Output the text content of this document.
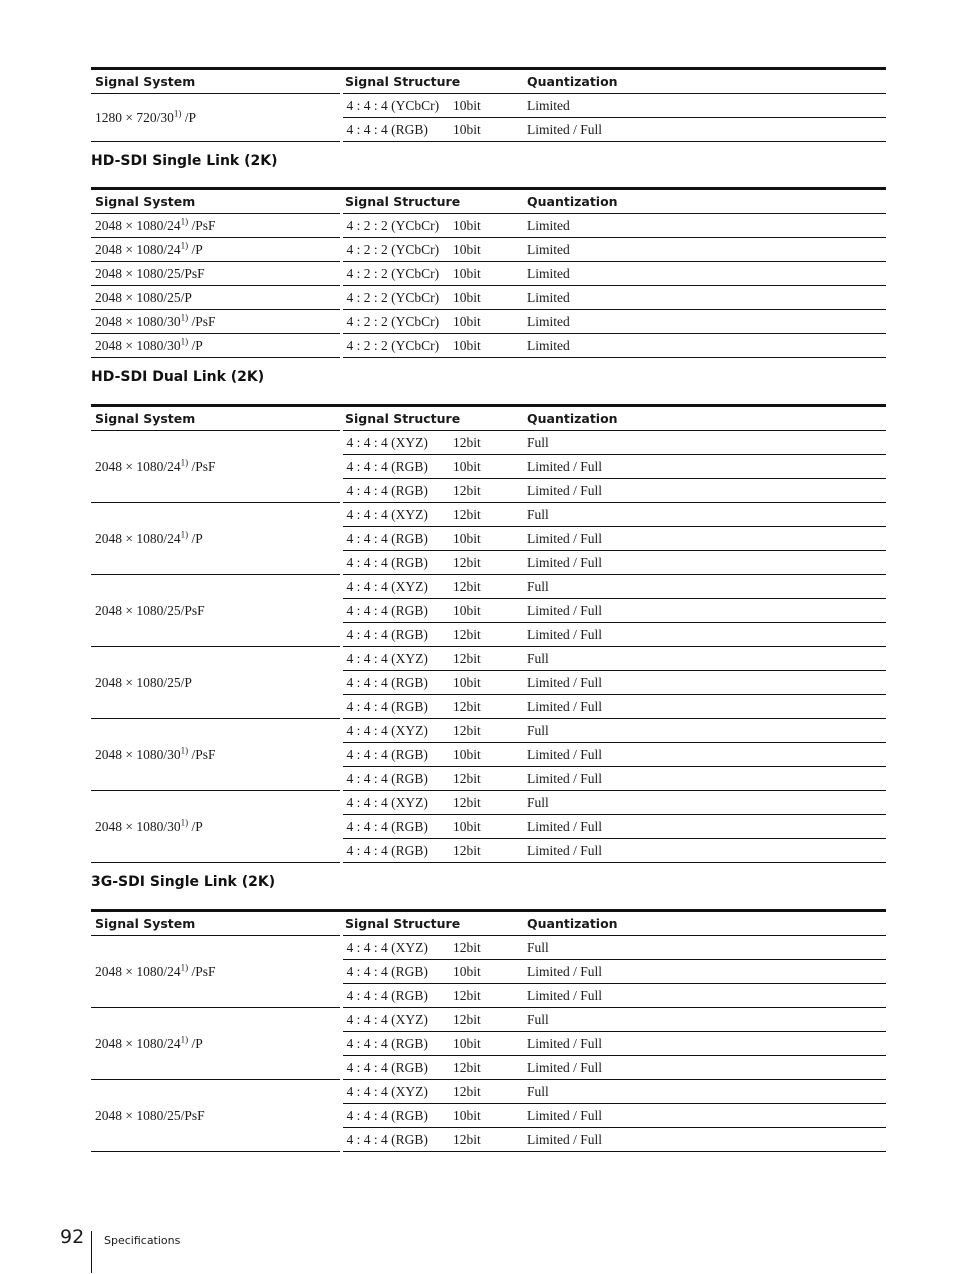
Signal System	Signal Structure		Quantization
$1280 \times 720/30^{1)}$ /P	4 : 4 : 4 (YCbCr)	10bit	Limited
	4 : 4 : 4 (RGB)	10bit	Limited / Full
HD-SDI Single Link (2K)
Signal System	Signal Structure		Quantization
$2048 \times 1080/24^{1)}$ /PsF	4 : 2 : 2 (YCbCr)	10bit	Limited
$2048 \times 1080/24^{1)}$ /P	4 : 2 : 2 (YCbCr)	10bit	Limited
2048 × 1080/25/PsF	4 : 2 : 2 (YCbCr)	10bit	Limited
2048 × 1080/25/P	4 : 2 : 2 (YCbCr)	10bit	Limited
$2048 \times 1080/30^{1)}$ /PsF	4 : 2 : 2 (YCbCr)	10bit	Limited
$2048 \times 1080/30^{1)}$ /P	4 : 2 : 2 (YCbCr)	10bit	Limited
HD-SDI Dual Link (2K)
Signal System	Signal Structure		Quantization
$2048 \times 1080/24^{1)}$ /PsF	4 : 4 : 4 (XYZ)	12bit	Full
	4 : 4 : 4 (RGB)	10bit	Limited / Full
	4 : 4 : 4 (RGB)	12bit	Limited / Full
$2048 \times 1080/24^{1)}$ /P	4 : 4 : 4 (XYZ)	12bit	Full
	4 : 4 : 4 (RGB)	10bit	Limited / Full
	4 : 4 : 4 (RGB)	12bit	Limited / Full
2048 × 1080/25/PsF	4 : 4 : 4 (XYZ)	12bit	Full
	4 : 4 : 4 (RGB)	10bit	Limited / Full
	4 : 4 : 4 (RGB)	12bit	Limited / Full
2048 × 1080/25/P	4 : 4 : 4 (XYZ)	12bit	Full
	4 : 4 : 4 (RGB)	10bit	Limited / Full
	4 : 4 : 4 (RGB)	12bit	Limited / Full
$2048 \times 1080/30^{1)}$ /PsF	4 : 4 : 4 (XYZ)	12bit	Full
	4 : 4 : 4 (RGB)	10bit	Limited / Full
	4 : 4 : 4 (RGB)	12bit	Limited / Full
$2048 \times 1080/30^{1)}$ /P	4 : 4 : 4 (XYZ)	12bit	Full
	4 : 4 : 4 (RGB)	10bit	Limited / Full
	4 : 4 : 4 (RGB)	12bit	Limited / Full
3G-SDI Single Link (2K)
Signal System	Signal Structure		Quantization
$2048 \times 1080/24^{1)}$ /PsF	4 : 4 : 4 (XYZ)	12bit	Full
	4 : 4 : 4 (RGB)	10bit	Limited / Full
	4 : 4 : 4 (RGB)	12bit	Limited / Full
$2048 \times 1080/24^{1)}$ /P	4 : 4 : 4 (XYZ)	12bit	Full
	4 : 4 : 4 (RGB)	10bit	Limited / Full
	4 : 4 : 4 (RGB)	12bit	Limited / Full
2048 × 1080/25/PsF	4 : 4 : 4 (XYZ)	12bit	Full
	4 : 4 : 4 (RGB)	10bit	Limited / Full
	4 : 4 : 4 (RGB)	12bit	Limited / Full
92 Specifications
